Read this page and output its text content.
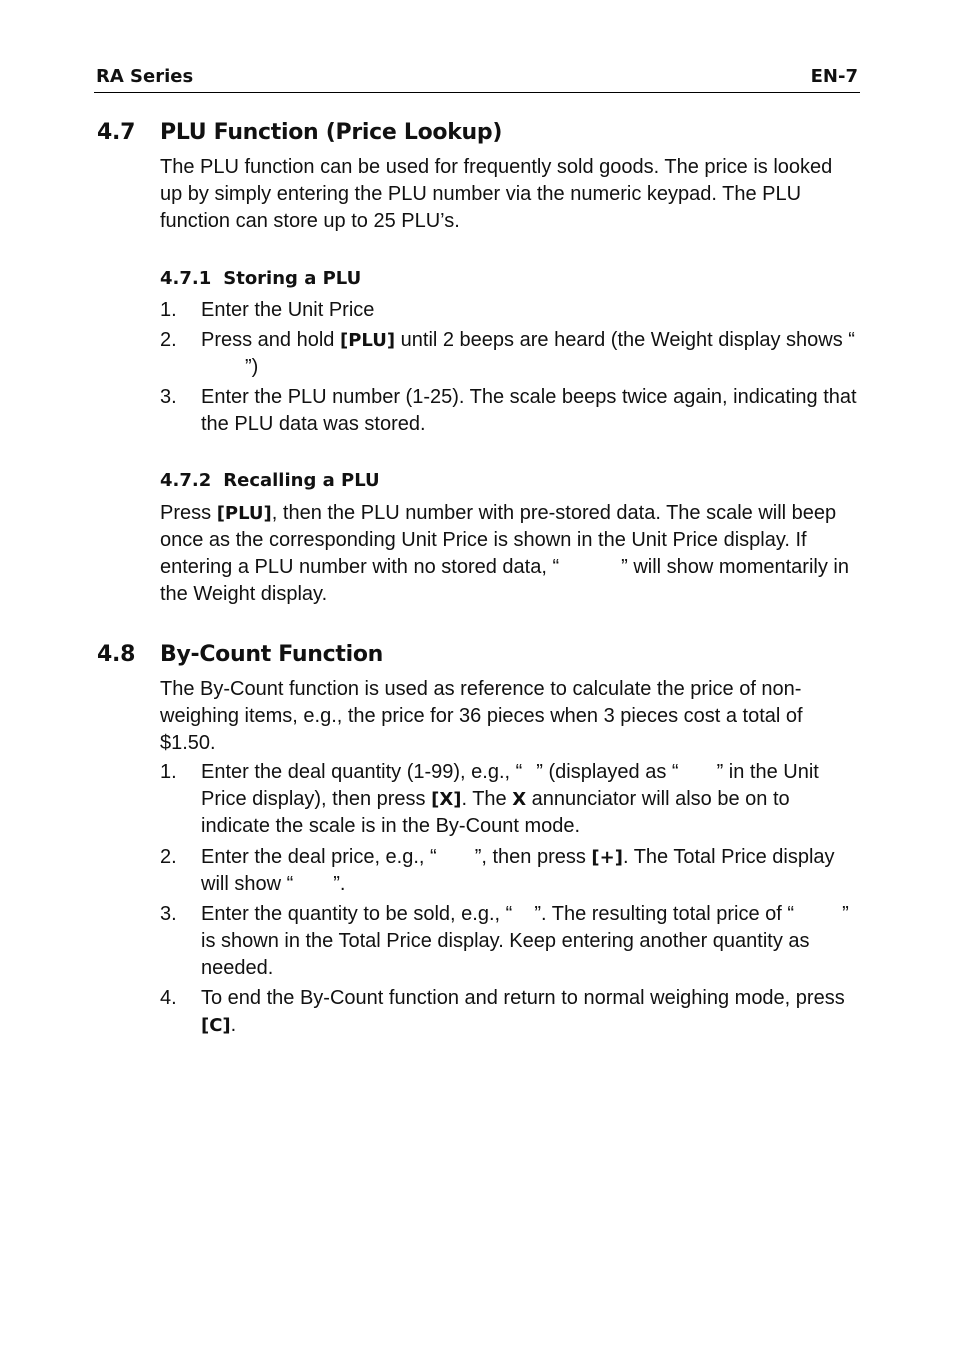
RA Series	EN-7
4.7 PLU Function (Price Lookup)
The PLU function can be used for frequently sold goods. The price is looked up by simply entering the PLU number via the numeric keypad. The PLU function can store up to 25 PLU’s.
4.7.1 Storing a PLU
1. Enter the Unit Price
2. Press and hold [PLU] until 2 beeps are heard (the Weight display shows “”)
3. Enter the PLU number (1-25). The scale beeps twice again, indicating that the PLU data was stored.
4.7.2 Recalling a PLU
Press [PLU], then the PLU number with pre-stored data. The scale will beep once as the corresponding Unit Price is shown in the Unit Price display. If entering a PLU number with no stored data, “	” will show momentarily in the Weight display.
4.8 By-Count Function
The By-Count function is used as reference to calculate the price of non-weighing items, e.g., the price for 36 pieces when 3 pieces cost a total of $1.50.
1. Enter the deal quantity (1-99), e.g., “ ” (displayed as “ ” in the Unit Price display), then press [X]. The X annunciator will also be on to indicate the scale is in the By-Count mode.
2. Enter the deal price, e.g., “ ”, then press [+]. The Total Price display will show “ ”.
3. Enter the quantity to be sold, e.g., “ ”. The resulting total price of “ ” is shown in the Total Price display. Keep entering another quantity as needed.
4. To end the By-Count function and return to normal weighing mode, press [C].
